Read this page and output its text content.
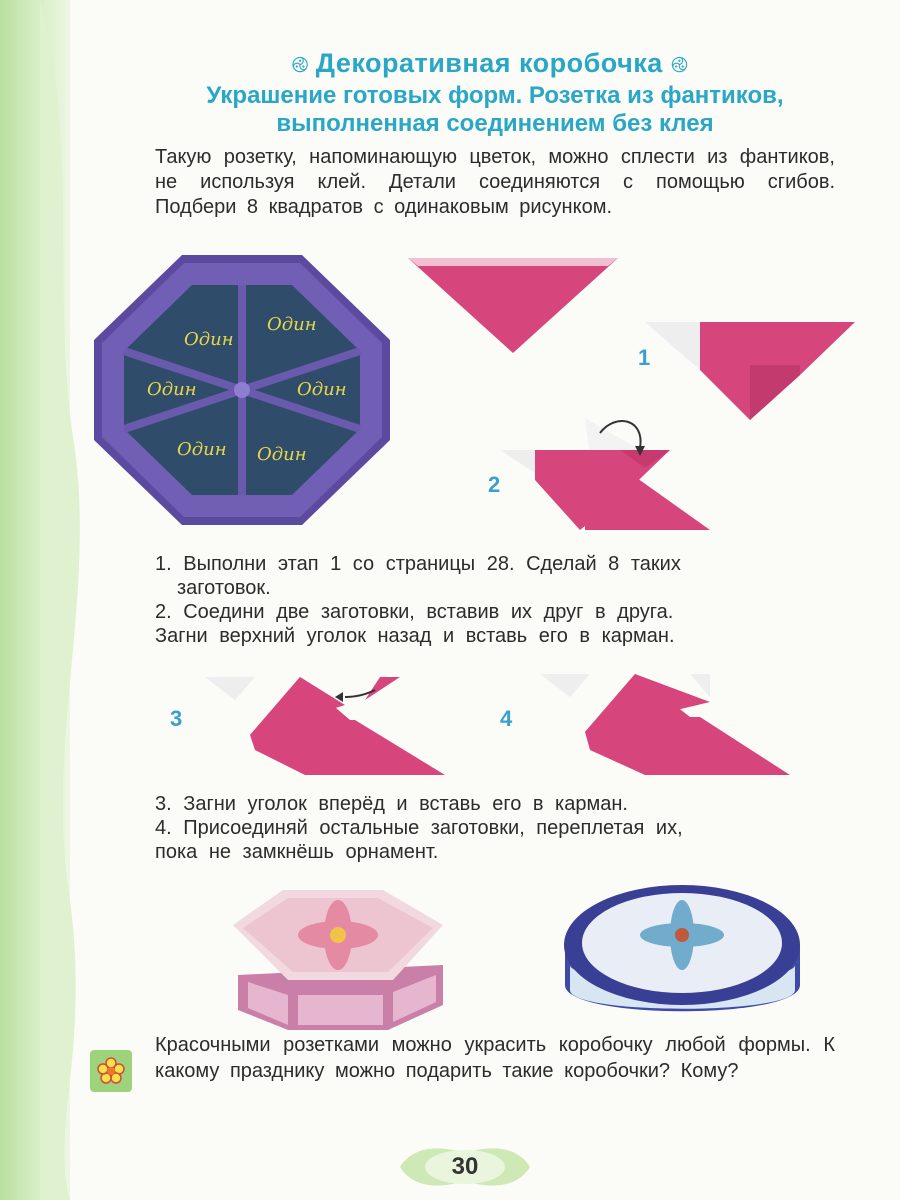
࿋ Декоративная коробочка ࿋
Украшение готовых форм. Розетка из фантиков,
выполненная соединением без клея
Такую розетку, напоминающую цветок, можно сплести из фантиков, не используя клей. Детали соединяются с помощью сгибов. Подбери 8 квадратов с одинаковым рисунком.
Один
Один
Один
Один
Один
Один
1
2

1. Выполни этап 1 со страницы 28. Сделай 8 таких

заготовок.

2. Соедини две заготовки, вставив их друг в друга.

Загни верхний уголок назад и вставь его в карман.

3	4

3. Загни уголок вперёд и вставь его в карман.

4. Присоединяй остальные заготовки, переплетая их,

пока не замкнёшь орнамент.

Красочными розетками можно украсить коробочку любой формы. К какому празднику можно подарить такие коробочки? Кому?
30
